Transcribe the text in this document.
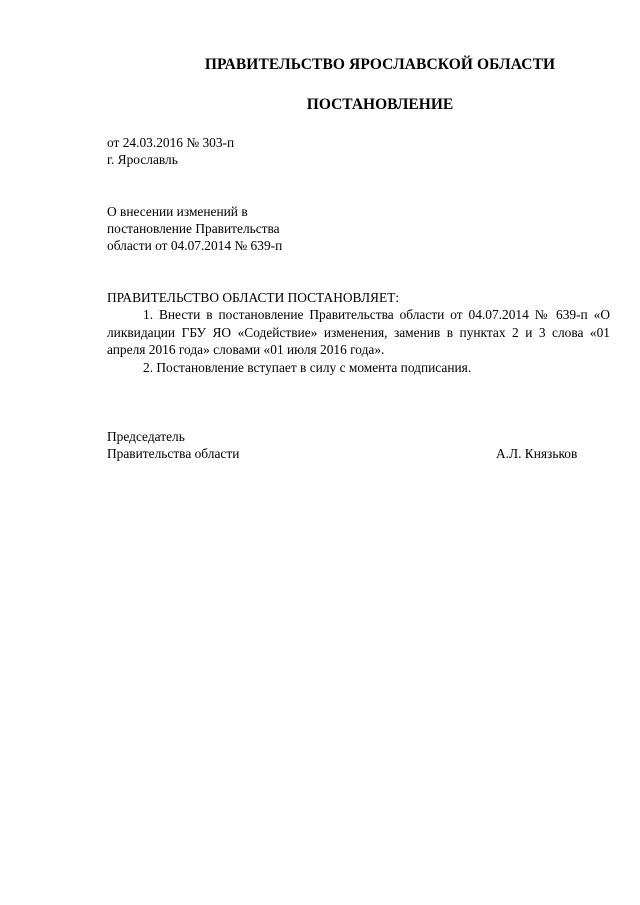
ПРАВИТЕЛЬСТВО ЯРОСЛАВСКОЙ ОБЛАСТИ
ПОСТАНОВЛЕНИЕ
от 24.03.2016 № 303-п
г. Ярославль
О внесении изменений в
постановление Правительства
области от 04.07.2014 № 639-п
ПРАВИТЕЛЬСТВО ОБЛАСТИ ПОСТАНОВЛЯЕТ:

1. Внести в постановление Правительства области от 04.07.2014 № 639-п «О ликвидации ГБУ ЯО «Содействие» изменения, заменив в пунктах 2 и 3 слова «01 апреля 2016 года» словами «01 июля 2016 года».

2. Постановление вступает в силу с момента подписания.

Председатель
Правительства области	А.Л. Князьков
